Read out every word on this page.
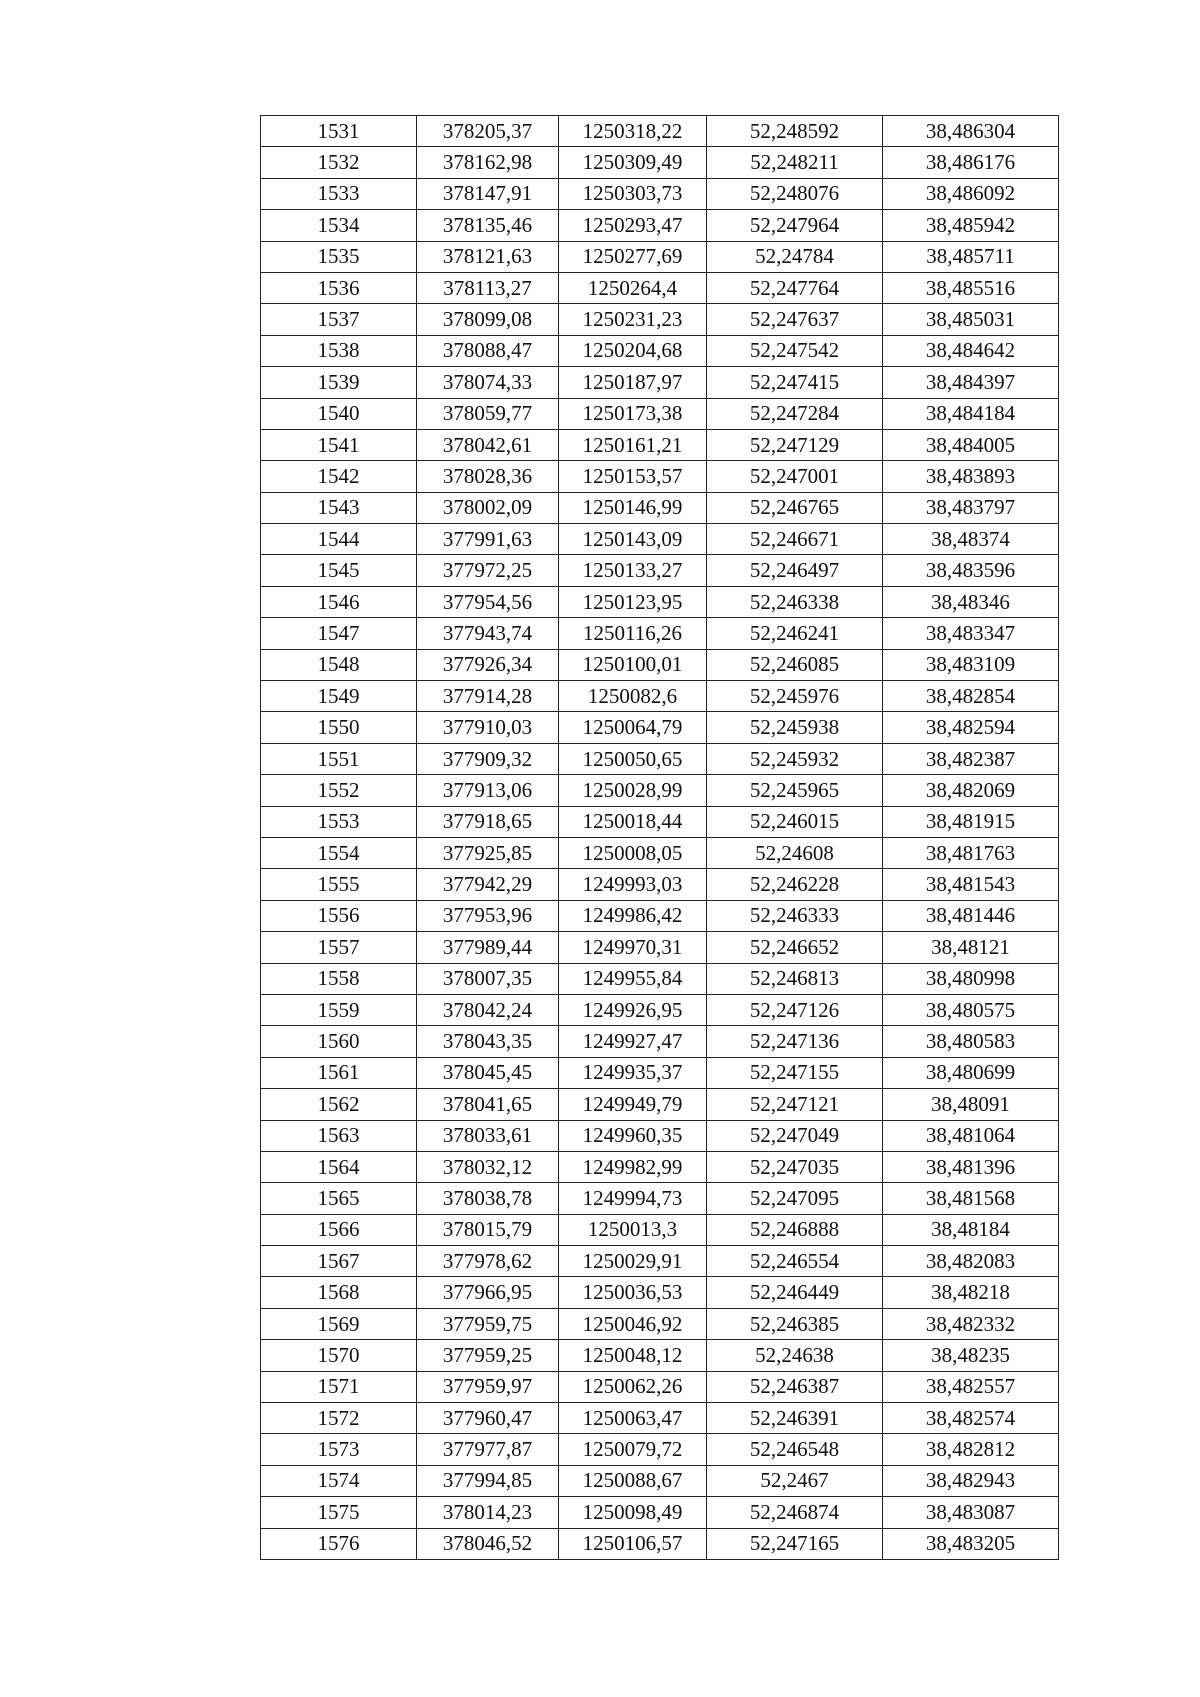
1531	378205,37	1250318,22	52,248592	38,486304
1532	378162,98	1250309,49	52,248211	38,486176
1533	378147,91	1250303,73	52,248076	38,486092
1534	378135,46	1250293,47	52,247964	38,485942
1535	378121,63	1250277,69	52,24784	38,485711
1536	378113,27	1250264,4	52,247764	38,485516
1537	378099,08	1250231,23	52,247637	38,485031
1538	378088,47	1250204,68	52,247542	38,484642
1539	378074,33	1250187,97	52,247415	38,484397
1540	378059,77	1250173,38	52,247284	38,484184
1541	378042,61	1250161,21	52,247129	38,484005
1542	378028,36	1250153,57	52,247001	38,483893
1543	378002,09	1250146,99	52,246765	38,483797
1544	377991,63	1250143,09	52,246671	38,48374
1545	377972,25	1250133,27	52,246497	38,483596
1546	377954,56	1250123,95	52,246338	38,48346
1547	377943,74	1250116,26	52,246241	38,483347
1548	377926,34	1250100,01	52,246085	38,483109
1549	377914,28	1250082,6	52,245976	38,482854
1550	377910,03	1250064,79	52,245938	38,482594
1551	377909,32	1250050,65	52,245932	38,482387
1552	377913,06	1250028,99	52,245965	38,482069
1553	377918,65	1250018,44	52,246015	38,481915
1554	377925,85	1250008,05	52,24608	38,481763
1555	377942,29	1249993,03	52,246228	38,481543
1556	377953,96	1249986,42	52,246333	38,481446
1557	377989,44	1249970,31	52,246652	38,48121
1558	378007,35	1249955,84	52,246813	38,480998
1559	378042,24	1249926,95	52,247126	38,480575
1560	378043,35	1249927,47	52,247136	38,480583
1561	378045,45	1249935,37	52,247155	38,480699
1562	378041,65	1249949,79	52,247121	38,48091
1563	378033,61	1249960,35	52,247049	38,481064
1564	378032,12	1249982,99	52,247035	38,481396
1565	378038,78	1249994,73	52,247095	38,481568
1566	378015,79	1250013,3	52,246888	38,48184
1567	377978,62	1250029,91	52,246554	38,482083
1568	377966,95	1250036,53	52,246449	38,48218
1569	377959,75	1250046,92	52,246385	38,482332
1570	377959,25	1250048,12	52,24638	38,48235
1571	377959,97	1250062,26	52,246387	38,482557
1572	377960,47	1250063,47	52,246391	38,482574
1573	377977,87	1250079,72	52,246548	38,482812
1574	377994,85	1250088,67	52,2467	38,482943
1575	378014,23	1250098,49	52,246874	38,483087
1576	378046,52	1250106,57	52,247165	38,483205
